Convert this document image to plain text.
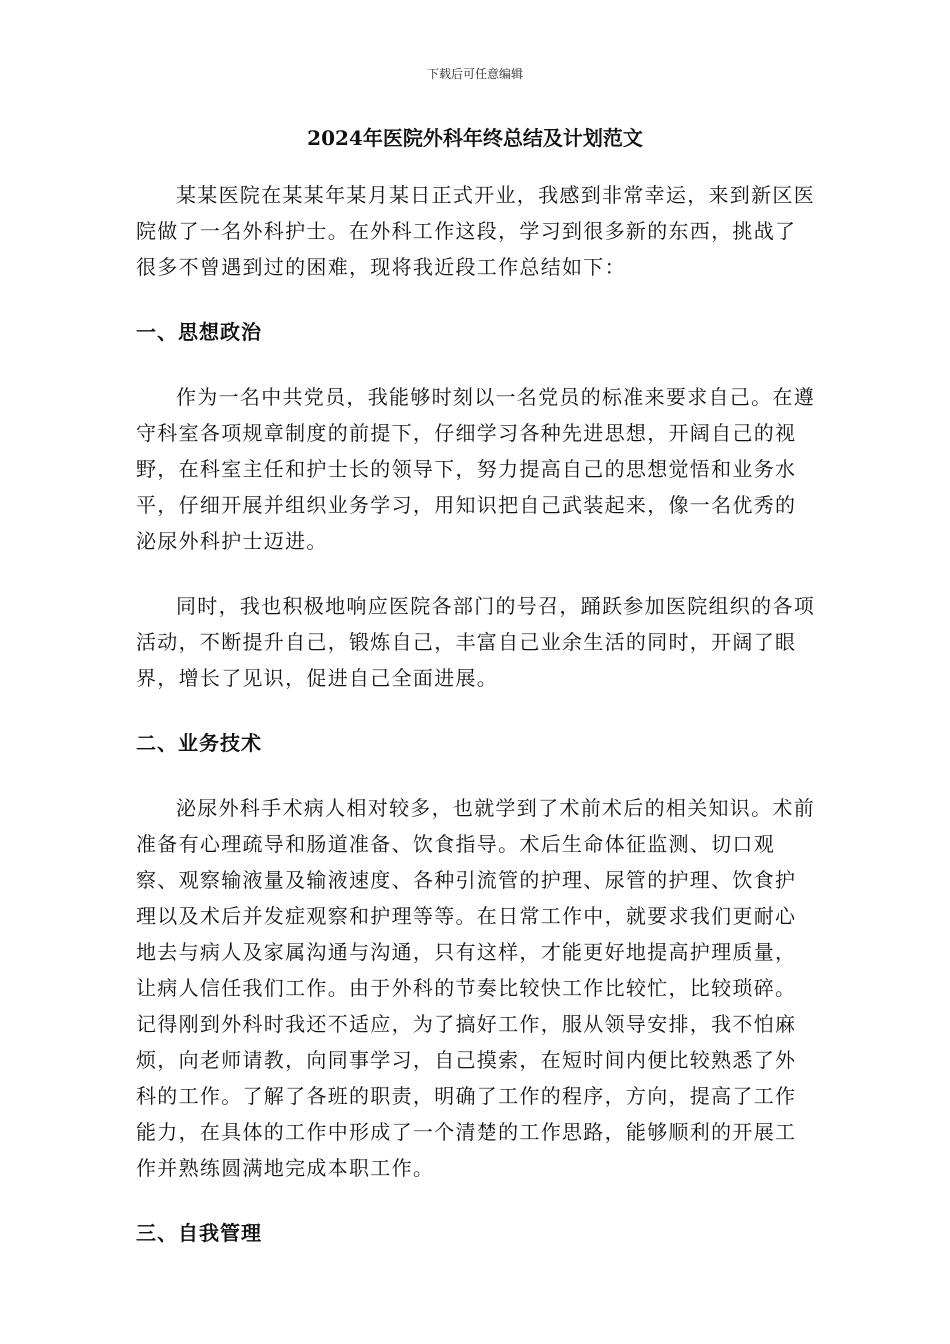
下载后可任意编辑
2024年医院外科年终总结及计划范文

某某医院在某某年某月某日正式开业，我感到非常幸运，来到新区医院做了一名外科护士。在外科工作这段，学习到很多新的东西，挑战了很多不曾遇到过的困难，现将我近段工作总结如下：

一、思想政治

作为一名中共党员，我能够时刻以一名党员的标准来要求自己。在遵守科室各项规章制度的前提下，仔细学习各种先进思想，开阔自己的视野，在科室主任和护士长的领导下，努力提高自己的思想觉悟和业务水平，仔细开展并组织业务学习，用知识把自己武装起来，像一名优秀的泌尿外科护士迈进。

同时，我也积极地响应医院各部门的号召，踊跃参加医院组织的各项活动，不断提升自己，锻炼自己，丰富自己业余生活的同时，开阔了眼界，增长了见识，促进自己全面进展。

二、业务技术

泌尿外科手术病人相对较多，也就学到了术前术后的相关知识。术前准备有心理疏导和肠道准备、饮食指导。术后生命体征监测、切口观察、观察输液量及输液速度、各种引流管的护理、尿管的护理、饮食护理以及术后并发症观察和护理等等。在日常工作中，就要求我们更耐心地去与病人及家属沟通与沟通，只有这样，才能更好地提高护理质量，让病人信任我们工作。由于外科的节奏比较快工作比较忙，比较琐碎。记得刚到外科时我还不适应，为了搞好工作，服从领导安排，我不怕麻烦，向老师请教，向同事学习，自己摸索，在短时间内便比较熟悉了外科的工作。了解了各班的职责，明确了工作的程序，方向，提高了工作能力，在具体的工作中形成了一个清楚的工作思路，能够顺利的开展工作并熟练圆满地完成本职工作。

三、自我管理
